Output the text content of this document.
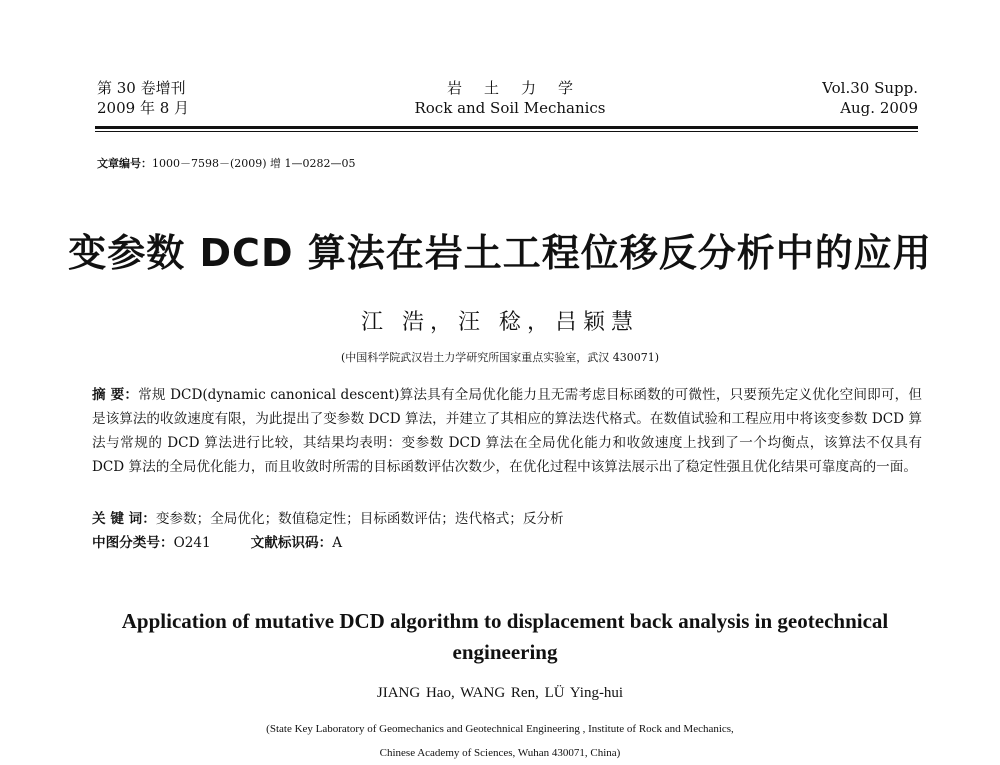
第 30 卷增刊
2009 年 8 月
岩土力学
Rock and Soil Mechanics
Vol.30 Supp.
Aug. 2009
文章编号：1000－7598－(2009) 增 1—0282—05
变参数 DCD 算法在岩土工程位移反分析中的应用
江 浩，汪 稔，吕颖慧
(中国科学院武汉岩土力学研究所国家重点实验室，武汉 430071)
摘 要：常规 DCD(dynamic canonical descent)算法具有全局优化能力且无需考虑目标函数的可微性，只要预先定义优化空间即可，但是该算法的收敛速度有限，为此提出了变参数 DCD 算法，并建立了其相应的算法迭代格式。在数值试验和工程应用中将该变参数 DCD 算法与常规的 DCD 算法进行比较，其结果均表明：变参数 DCD 算法在全局优化能力和收敛速度上找到了一个均衡点，该算法不仅具有 DCD 算法的全局优化能力，而且收敛时所需的目标函数评估次数少，在优化过程中该算法展示出了稳定性强且优化结果可靠度高的一面。
关 键 词：变参数；全局优化；数值稳定性；目标函数评估；迭代格式；反分析
中图分类号：O241	文献标识码：A
Application of mutative DCD algorithm to displacement back analysis in geotechnical engineering
JIANG Hao, WANG Ren, LÜ Ying-hui
(State Key Laboratory of Geomechanics and Geotechnical Engineering , Institute of Rock and Mechanics,
Chinese Academy of Sciences, Wuhan 430071, China)
